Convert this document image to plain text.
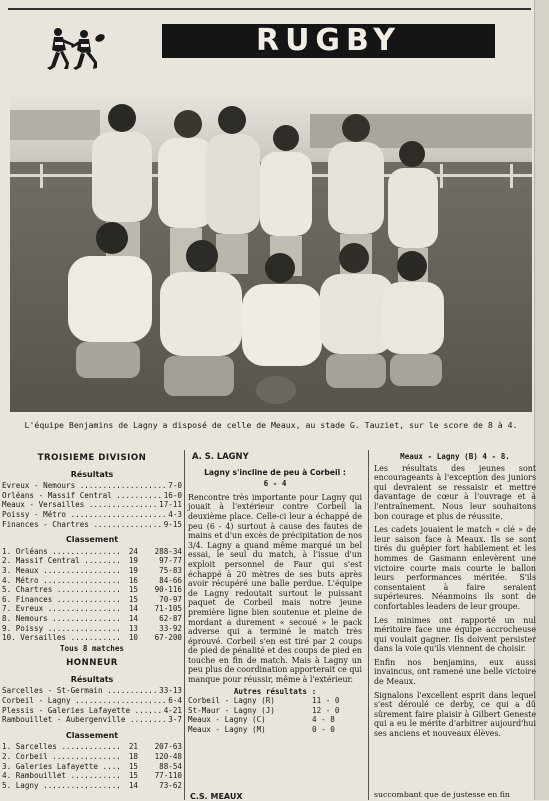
RUGBY
L'équipe Benjamins de Lagny a disposé de celle de Meaux, au stade G. Tauziet, sur le score de 8 à 4.
TROISIEME DIVISION
Résultats
Evreux - Nemours .....	7-0
Orléans - Massif Central .....	16-0
Meaux - Versailles .....	17-11
Poissy - Métro .....	4-3
Finances - Chartres .....	9-15
Classement
1. Orléans .....	24	288-34
2. Massif Central .....	19	97-77
3. Meaux .....	19	75-83
4. Métro .....	16	84-66
5. Chartres .....	15	90-116
6. Finances .....	15	70-97
7. Evreux .....	14	71-105
8. Nemours .....	14	62-87
9. Poissy .....	13	33-92
10. Versailles .....	10	67-200
Tous 8 matches
HONNEUR
Résultats
Sarcelles - St-Germain .....	33-13
Corbeil - Lagny .....	6-4
Plessis - Galeries Lafayette .....	4-21
Rambouillet - Aubergenville .....	3-7
Classement
1. Sarcelles .....	21	207-63
2. Corbeil .....	18	120-48
3. Galeries Lafayette .....	15	88-54
4. Rambouillet .....	15	77-110
5. Lagny .....	14	73-62
A. S. LAGNY
Lagny s'incline de peu à Corbeil :
6 - 4
Rencontre très importante pour Lagny qui jouait à l'extérieur contre Corbeil la deuxième place. Celle-ci leur a échappé de peu (6 - 4) surtout à cause des fautes de mains et d'un excès de précipitation de nos 3/4. Lagny a quand même marqué un bel essai, le seul du match, à l'issue d'un exploit personnel de Faur qui s'est échappé à 20 mètres de ses buts après avoir récupéré une balle perdue. L'équipe de Lagny redoutait surtout le puissant paquet de Corbeil mais notre jeune première ligne bien soutenue et pleine de mordant a durement « secoué » le pack adverse qui a terminé le match très éprouvé. Corbeil s'en est tiré par 2 coups de pied de pénalité et des coups de pied en touche en fin de match. Mais à Lagny un peu plus de coordination apporterait ce qui manque pour réussir, même à l'extérieur.
Autres résultats :
Corbeil - Lagny (R)	11 - 0
St-Maur - Lagny (J)	12 - 0
Meaux - Lagny (C)	4 - 8
Meaux - Lagny (M)	0 - 0
C.S. MEAUX
Meaux - Lagny (B) 4 - 8.
Les résultats des jeunes sont encourageants à l'exception des juniors qui devraient se ressaisir et mettre davantage de cœur à l'ouvrage et à l'entraînement. Nous leur souhaitons bon courage et plus de réussite.
Les cadets jouaient le match « clé » de leur saison face à Meaux. Ils se sont tirés du guêpier fort habilement et les hommes de Gasmann enlevèrent une victoire courte mais courte le ballon leurs performances méritée. S'ils consentaient à faire seraient supérieures. Néanmoins ils sont de confortables leaders de leur groupe.
Les minimes ont rapporté un nul méritoire face une équipe accrocheuse qui voulait gagner. Ils doivent persister dans la voie qu'ils viennent de choisir.
Enfin nos benjamins, eux aussi invaincus, ont ramené une belle victoire de Meaux.
Signalons l'excellent esprit dans lequel s'est déroulé ce derby, ce qui a dû sûrement faire plaisir à Gilbert Geneste qui a eu le mérite d'arbitrer aujourd'hui ses anciens et nouveaux élèves.
succombant que de justesse en fin
